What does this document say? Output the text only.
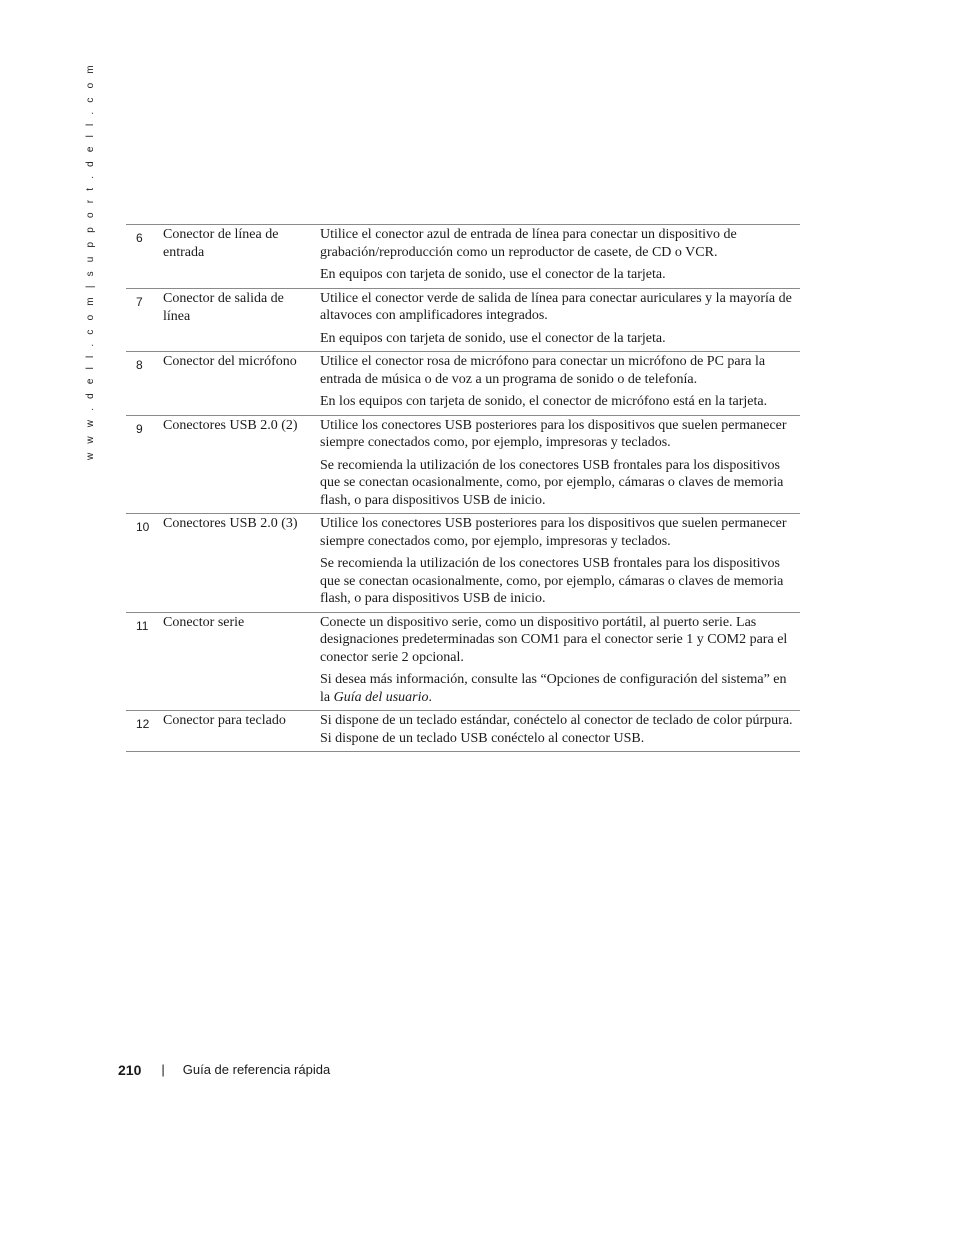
w w w . d e l l . c o m | s u p p o r t . d e l l . c o m	6	Conector de línea de entrada	Utilice el conector azul de entrada de línea para conectar un dispositivo de grabación/reproducción como un reproductor de casete, de CD o VCR.

En equipos con tarjeta de sonido, use el conector de la tarjeta.

7	Conector de salida de línea	Utilice el conector verde de salida de línea para conectar auriculares y la mayoría de altavoces con amplificadores integrados.

En equipos con tarjeta de sonido, use el conector de la tarjeta.

8	Conector del micrófono	Utilice el conector rosa de micrófono para conectar un micrófono de PC para la entrada de música o de voz a un programa de sonido o de telefonía.

En los equipos con tarjeta de sonido, el conector de micrófono está en la tarjeta.

9	Conectores USB 2.0 (2)	Utilice los conectores USB posteriores para los dispositivos que suelen permanecer siempre conectados como, por ejemplo, impresoras y teclados.

Se recomienda la utilización de los conectores USB frontales para los dispositivos que se conectan ocasionalmente, como, por ejemplo, cámaras o claves de memoria flash, o para dispositivos USB de inicio.

10	Conectores USB 2.0 (3)	Utilice los conectores USB posteriores para los dispositivos que suelen permanecer siempre conectados como, por ejemplo, impresoras y teclados.

Se recomienda la utilización de los conectores USB frontales para los dispositivos que se conectan ocasionalmente, como, por ejemplo, cámaras o claves de memoria flash, o para dispositivos USB de inicio.

11	Conector serie	Conecte un dispositivo serie, como un dispositivo portátil, al puerto serie. Las designaciones predeterminadas son COM1 para el conector serie 1 y COM2 para el conector serie 2 opcional.

Si desea más información, consulte las “Opciones de configuración del sistema” en la Guía del usuario.

12	Conector para teclado	Si dispone de un teclado estándar, conéctelo al conector de teclado de color púrpura. Si dispone de un teclado USB conéctelo al conector USB.

210 | Guía de referencia rápida
